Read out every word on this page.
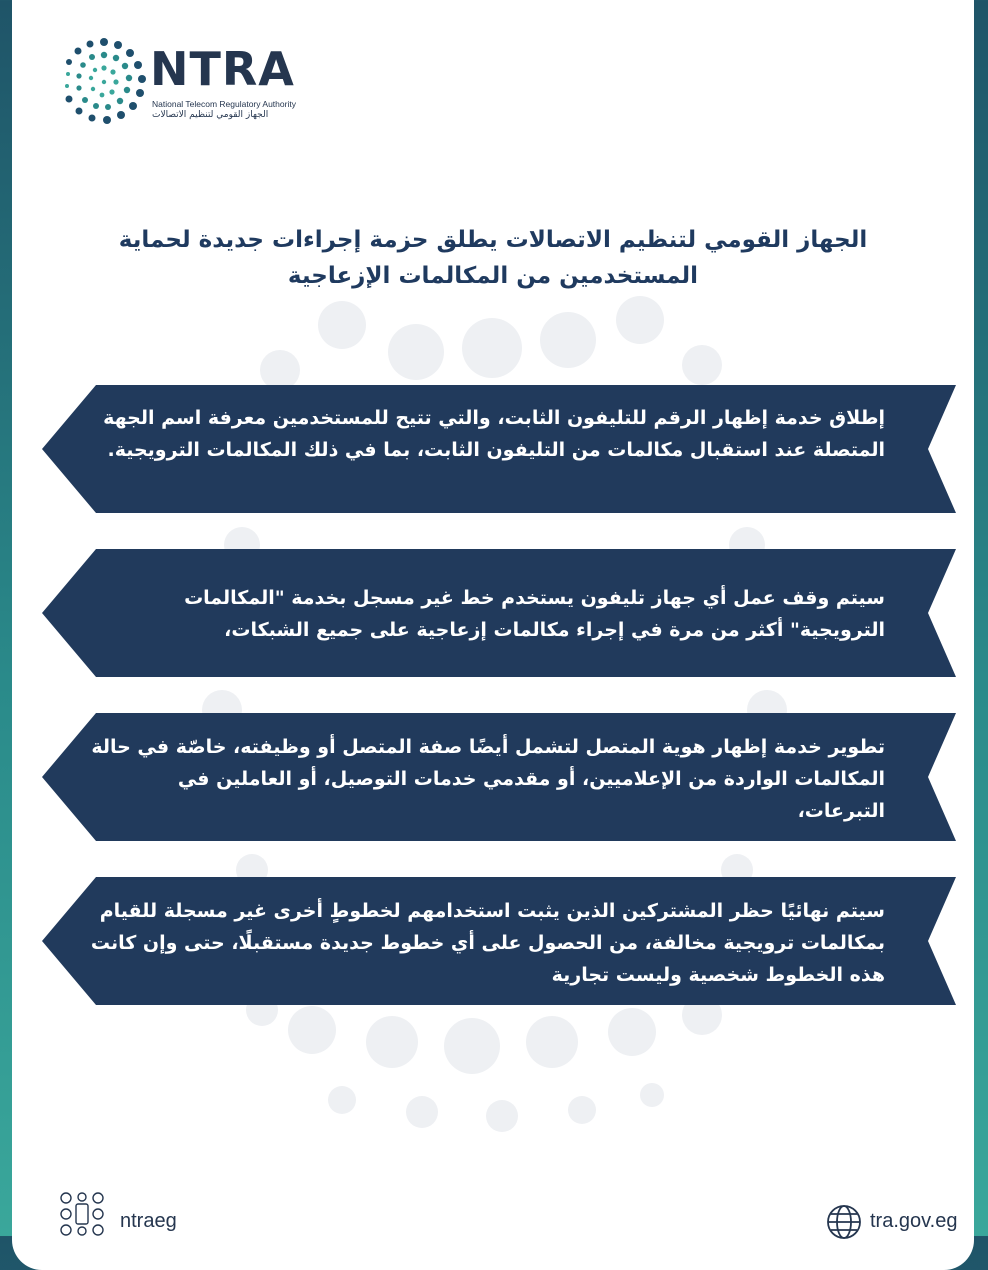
NTRA
National Telecom Regulatory Authority
الجهاز القومي لتنظيم الاتصالات
الجهاز القومي لتنظيم الاتصالات يطلق حزمة إجراءات جديدة لحماية
المستخدمين من المكالمات الإزعاجية
إطلاق خدمة إظهار الرقم للتليفون الثابت، والتي تتيح للمستخدمين معرفة اسم الجهة المتصلة عند استقبال مكالمات من التليفون الثابت، بما في ذلك المكالمات الترويجية.
سيتم وقف عمل أي جهاز تليفون يستخدم خط غير مسجل بخدمة "المكالمات الترويجية" أكثر من مرة في إجراء مكالمات إزعاجية على جميع الشبكات،
تطوير خدمة إظهار هوية المتصل لتشمل أيضًا صفة المتصل أو وظيفته، خاصّة في حالة المكالمات الواردة من الإعلاميين، أو مقدمي خدمات التوصيل، أو العاملين في التبرعات،
سيتم نهائيًا حظر المشتركين الذين يثبت استخدامهم لخطوطٍ أخرى غير مسجلة للقيام بمكالمات ترويجية مخالفة، من الحصول على أي خطوط جديدة مستقبلًا، حتى وإن كانت هذه الخطوط شخصية وليست تجارية
ntraeg	tra.gov.eg
